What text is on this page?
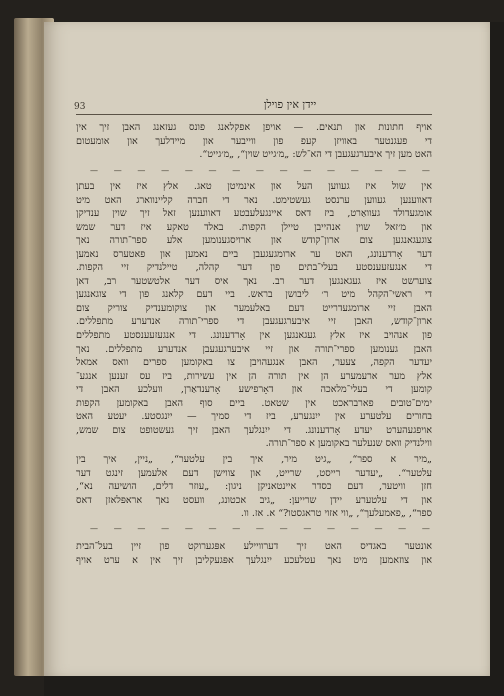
93	יידן אין פוילן
אויף חתונות און תנאים. — אויפן אפקלאנג פונס געזאנג האבן זיך אין
די פעגנטער באוויזן קעפ פון ווייבער און מיידלעך און אומעטום
האט מען זיך איבערגעגעבן די הא־לש: „מ׳גייט שוין“, „מ׳גייט“.
— — — — — — — — — — — — — — —
אין שול איז געווען העל און אינמיטן טאג. אלץ איז אין בעתן
דאווענען געווען ערנסט געשטימט. נאר די חברה קליינווארג האט מיט
אומגעדולד געוואַרט, ביז דאס איינגעלעבטע דאווענען זאל זיך שוין ענדיקן
און מ׳זאל שוין אנהייבן טיילן הקפות. באלד טאקע איז דער שמש
צוגעגאנגען צום ארון־קודש און ארויסגענומען אלע ספר־תורה נאך
דער אָרדענונג, האט ער ארומגעגעבן ביים נאמען און פאטערס נאמען
די אנגעזעענסטע בעלי־בתים פון דער קהלה, טיילנדיק זיי הקפות.
צוערשט איז געגאנגען דער רב. נאך איס דער אלטשטער רב, דאן
די ראשי־הקהל מיט ר׳ ליבושן בראש. ביי דעם קלאנג פון די צוגאנגען
האבן זיי ארומגעדרייט דעם באלעמער און צוקומענדיק צוריק צום
ארון־קודש, האבן זיי איבערגעגעבן די ספרי־תורה אנדערע מתפללים.
פון אנהויב איז אלץ געגאנגען אין אָרדענונג. די אנגעזעענסטע מתפללים
האבן גענומען ספרי־תורה און זיי איבערגעגעבן אנדערע מתפללים. נאך
יעדער הקפה, צעער, האבן אנגעהויבן צו באקומען ספרים וואס אמאל
אלץ מער ארעמערע הן אין תורה הן אין עשירות, ביז עס זענען אנגע־
קומען די בעלי־מלאכה און דאָרפישע אָרענדאַרן, וועלכע האבן די
ימים־טובים פארבראכט אין שטאט. ביים סוף האבן באקומען הקפות
בחורים עלטערע אין ייִנגערע, ביז די סמיך — ייִנגסטע. יעטע האט
אויפגעהערט יעדע אָרדענונג. די ייִנגלעך האבן זיך געשטופט צום שמש,
ווילנדיק וואס שנעלער באקומען א ספר־תורה.
„מיר א ספר“, „גיט מיר, איך בין עלטער“, „ניין, איך בין
עלטער“. „יעדער רייסט, שרייט, און צווישן דעם אלעמען זינגט דער
חזן וויטער, דעם כסדר איינטאניקן ניגון: „עוזר דלים, הושיעה נא“,
און די עלטערע יידן שרייען: „גיב אכטונג, וועסט נאך אראפּלאזן דאס
ספר“, „פאמעלעך“, „ווי אזוי טראגסטו?“ א. אז. וו.
— — — — — — — — — — — — — — —
אונטער באגדיס האט זיך דערוויילע אפּגערוקט פון זיין בעל־הבית
און צוזאמען מיט נאך עטלעכע ייִנגלעך אפּגעקליבן זיך אין א ערט אויף
